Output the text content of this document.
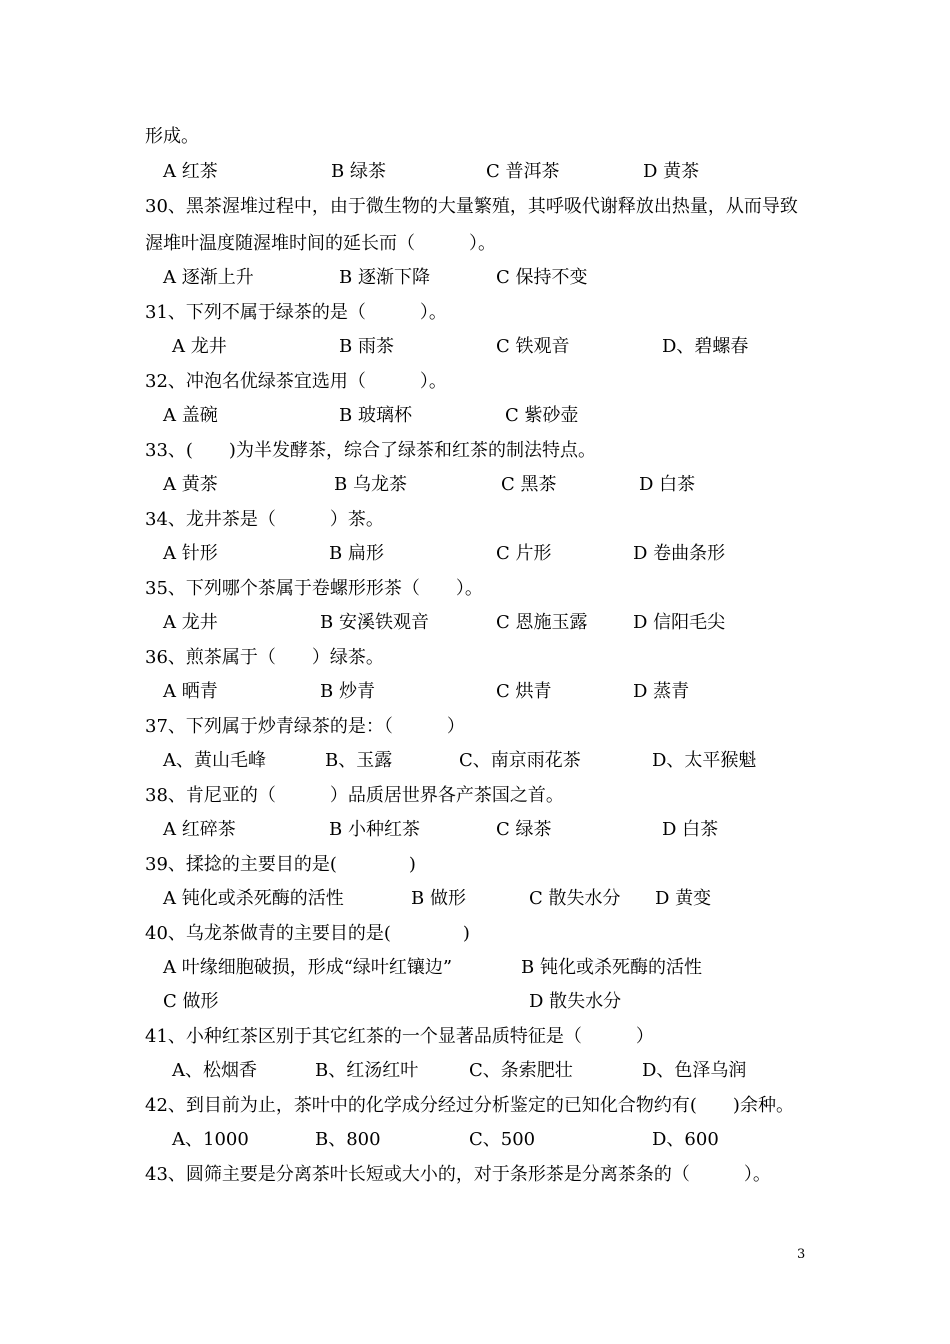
形成。
A 红茶	B 绿茶	C 普洱茶	D 黄茶
30、黑茶渥堆过程中，由于微生物的大量繁殖，其呼吸代谢释放出热量，从而导致
渥堆叶温度随渥堆时间的延长而（　　　）。
A 逐渐上升	B 逐渐下降	C 保持不变
31、下列不属于绿茶的是（　　　）。
A 龙井	B 雨茶	C 铁观音	D、碧螺春
32、冲泡名优绿茶宜选用（　　　）。
A 盖碗	B 玻璃杯	C 紫砂壶
33、(　　)为半发酵茶，综合了绿茶和红茶的制法特点。
A 黄茶	B 乌龙茶	C 黑茶	D 白茶
34、龙井茶是（　　　）茶。
A 针形	B 扁形	C 片形	D 卷曲条形
35、下列哪个茶属于卷螺形形茶（　　）。
A 龙井	B 安溪铁观音	C 恩施玉露	D 信阳毛尖
36、煎茶属于（　　）绿茶。
A 晒青	B 炒青	C 烘青	D 蒸青
37、下列属于炒青绿茶的是：（　　　）
A、黄山毛峰	B、玉露	C、南京雨花茶	D、太平猴魁
38、肯尼亚的（　　　）品质居世界各产茶国之首。
A 红碎茶	B 小种红茶	C 绿茶	D 白茶
39、揉捻的主要目的是(　　　　)
A 钝化或杀死酶的活性	B 做形	C 散失水分 D 黄变
40、乌龙茶做青的主要目的是(　　　　)
A 叶缘细胞破损，形成“绿叶红镶边”	B 钝化或杀死酶的活性
C 做形	D 散失水分
41、小种红茶区别于其它红茶的一个显著品质特征是（　　　）
A、松烟香	B、红汤红叶	C、条索肥壮	D、色泽乌润
42、到目前为止，茶叶中的化学成分经过分析鉴定的已知化合物约有(　　)余种。
A、1000	B、800	C、500	D、600
43、圆筛主要是分离茶叶长短或大小的，对于条形茶是分离茶条的（　　　）。
3
